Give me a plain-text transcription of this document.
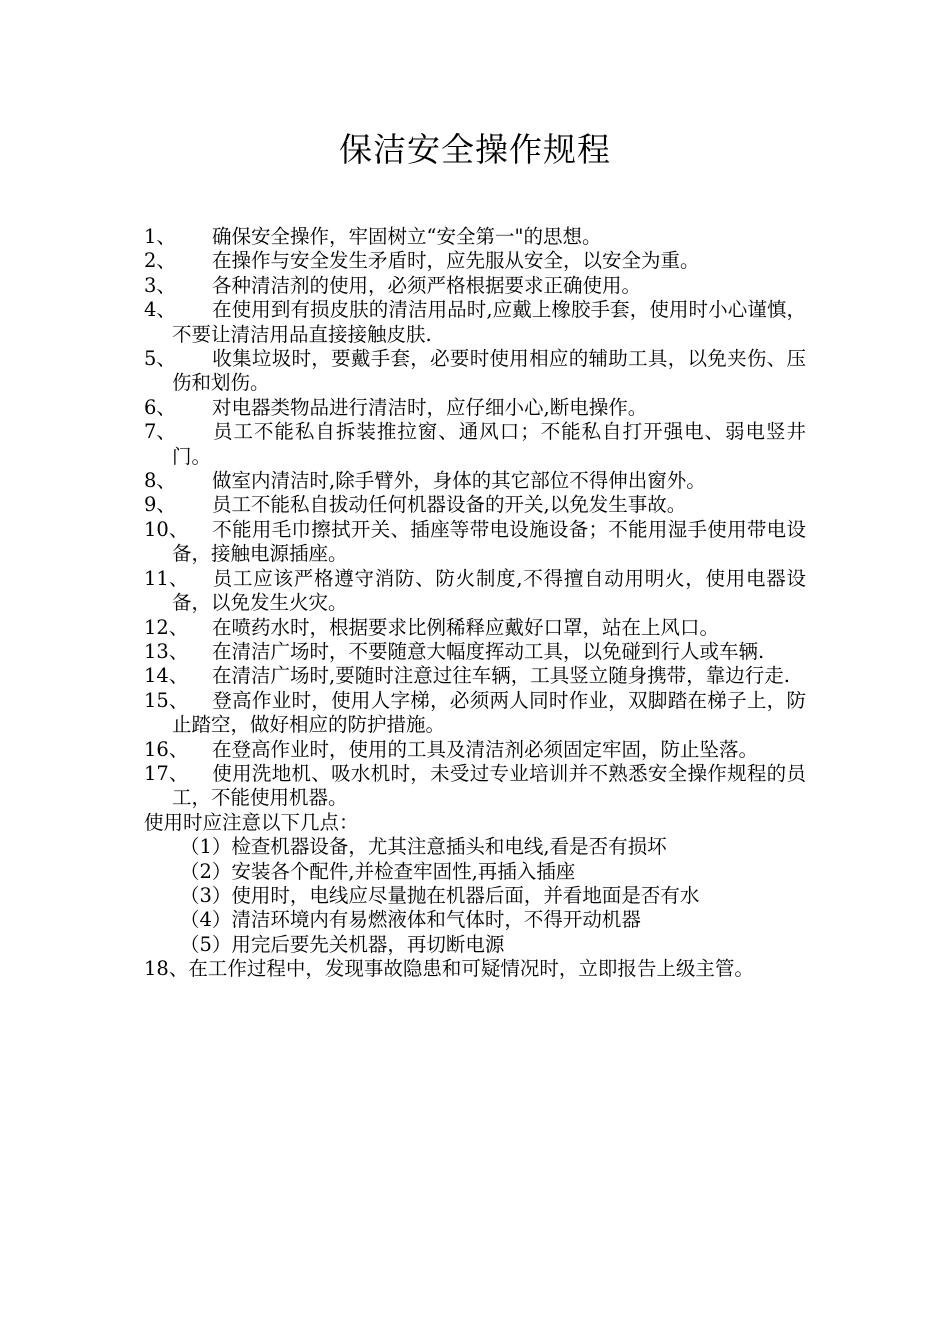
保洁安全操作规程
1、 确保安全操作，牢固树立“安全第一"的思想。
2、 在操作与安全发生矛盾时，应先服从安全，以安全为重。
3、 各种清洁剂的使用，必须严格根据要求正确使用。
4、 在使用到有损皮肤的清洁用品时,应戴上橡胶手套，使用时小心谨慎，不要让清洁用品直接接触皮肤.
5、 收集垃圾时，要戴手套，必要时使用相应的辅助工具，以免夹伤、压伤和划伤。
6、 对电器类物品进行清洁时，应仔细小心,断电操作。
7、 员工不能私自拆装推拉窗、通风口；不能私自打开强电、弱电竖井门。
8、 做室内清洁时,除手臂外，身体的其它部位不得伸出窗外。
9、 员工不能私自拔动任何机器设备的开关,以免发生事故。
10、 不能用毛巾擦拭开关、插座等带电设施设备；不能用湿手使用带电设备，接触电源插座。
11、 员工应该严格遵守消防、防火制度,不得擅自动用明火，使用电器设备，以免发生火灾。
12、 在喷药水时，根据要求比例稀释应戴好口罩，站在上风口。
13、 在清洁广场时，不要随意大幅度挥动工具，以免碰到行人或车辆.
14、 在清洁广场时,要随时注意过往车辆，工具竖立随身携带，靠边行走.
15、 登高作业时，使用人字梯，必须两人同时作业，双脚踏在梯子上，防止踏空，做好相应的防护措施。
16、 在登高作业时，使用的工具及清洁剂必须固定牢固，防止坠落。
17、 使用洗地机、吸水机时，未受过专业培训并不熟悉安全操作规程的员工，不能使用机器。
使用时应注意以下几点：
（1）检查机器设备，尤其注意插头和电线,看是否有损坏
（2）安装各个配件,并检查牢固性,再插入插座
（3）使用时，电线应尽量抛在机器后面，并看地面是否有水
（4）清洁环境内有易燃液体和气体时，不得开动机器
（5）用完后要先关机器，再切断电源
18、在工作过程中，发现事故隐患和可疑情况时，立即报告上级主管。
